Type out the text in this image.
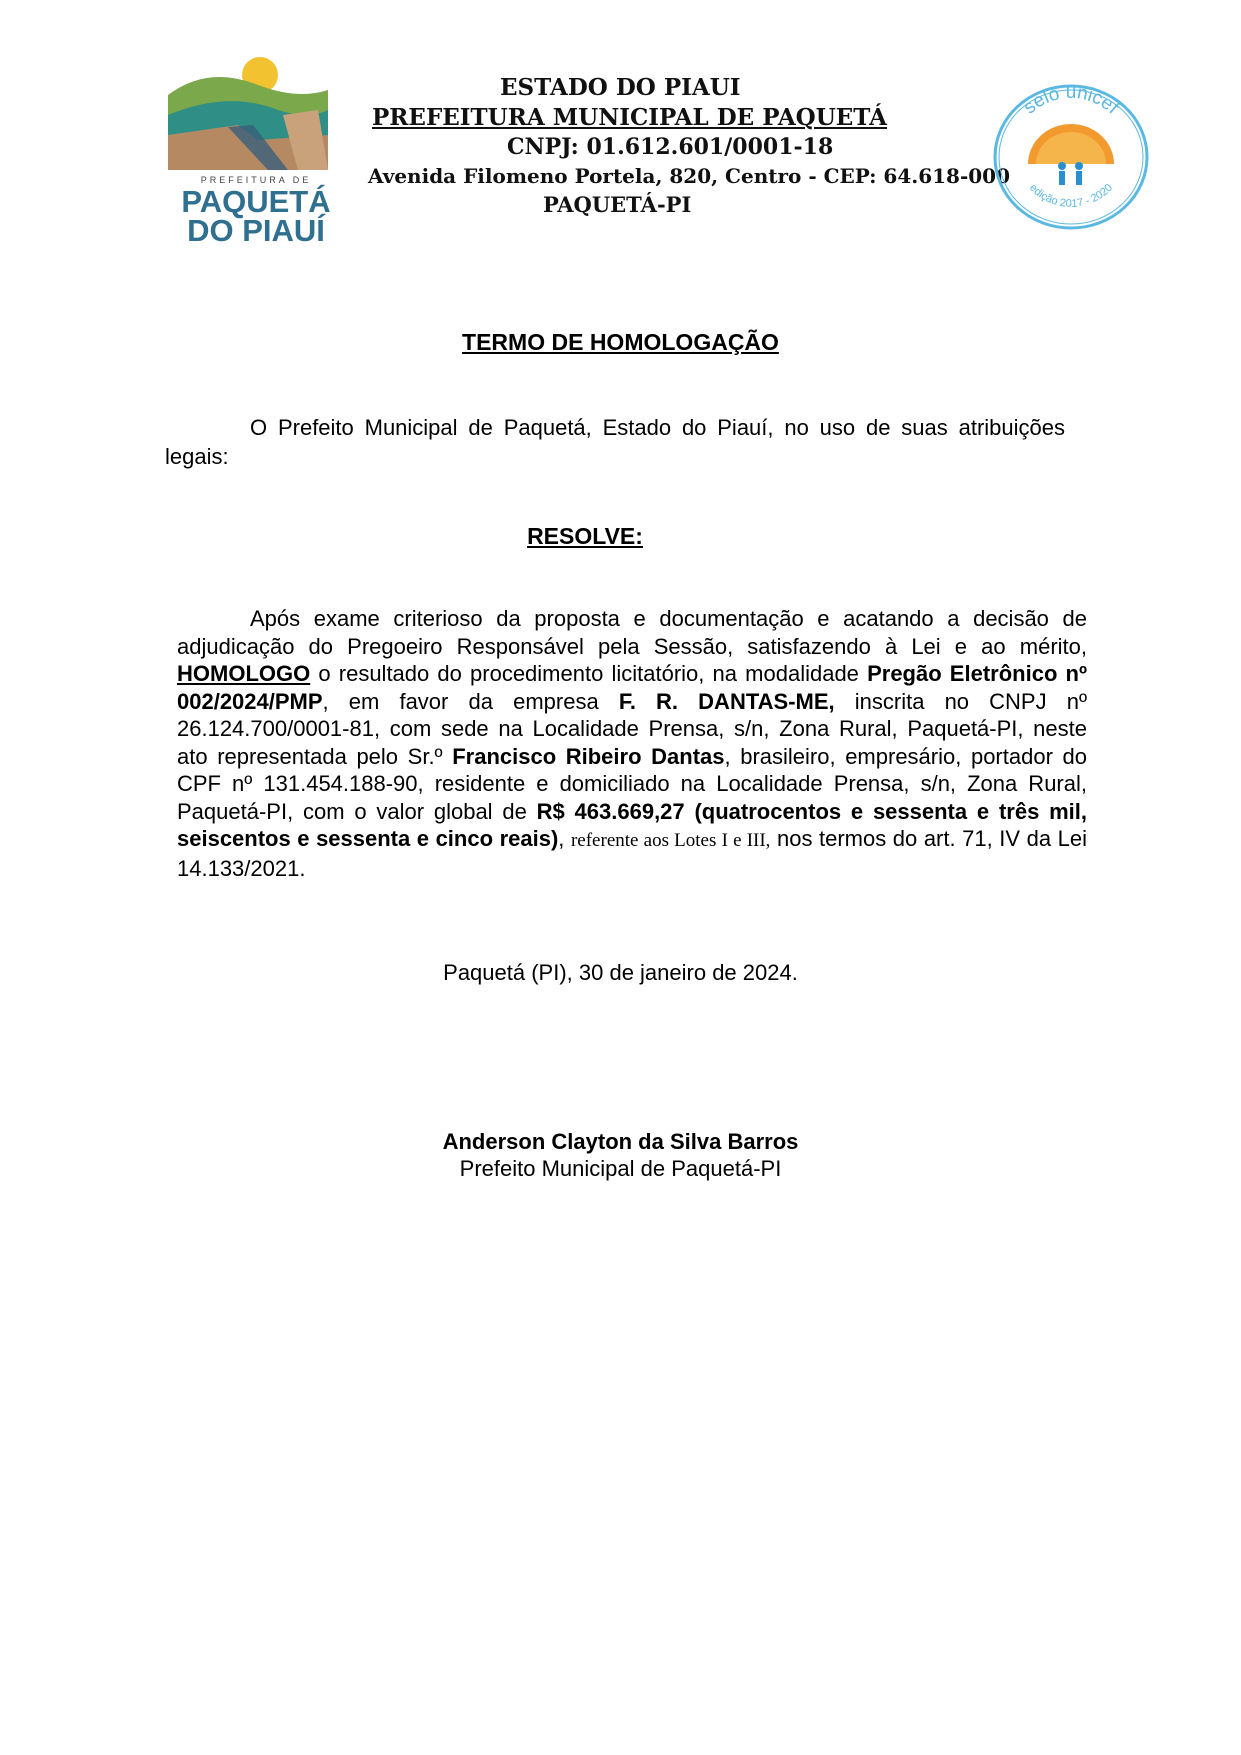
PREFEITURA DE
PAQUETÁ
DO PIAUÍ
ESTADO DO PIAUI
PREFEITURA MUNICIPAL DE PAQUETÁ
CNPJ: 01.612.601/0001-18
Avenida Filomeno Portela, 820, Centro - CEP: 64.618-000
PAQUETÁ-PI
selo unicef
edição 2017 - 2020
TERMO DE HOMOLOGAÇÃO
O Prefeito Municipal de Paquetá, Estado do Piauí, no uso de suas atribuições legais:
RESOLVE:
Após exame criterioso da proposta e documentação e acatando a decisão de adjudicação do Pregoeiro Responsável pela Sessão, satisfazendo à Lei e ao mérito, HOMOLOGO o resultado do procedimento licitatório, na modalidade Pregão Eletrônico nº 002/2024/PMP, em favor da empresa F. R. DANTAS-ME, inscrita no CNPJ nº 26.124.700/0001-81, com sede na Localidade Prensa, s/n, Zona Rural, Paquetá-PI, neste ato representada pelo Sr.º Francisco Ribeiro Dantas, brasileiro, empresário, portador do CPF nº 131.454.188-90, residente e domiciliado na Localidade Prensa, s/n, Zona Rural, Paquetá-PI, com o valor global de R$ 463.669,27 (quatrocentos e sessenta e três mil, seiscentos e sessenta e cinco reais), referente aos Lotes I e III, nos termos do art. 71, IV da Lei 14.133/2021.
Paquetá (PI), 30 de janeiro de 2024.
Anderson Clayton da Silva Barros
Prefeito Municipal de Paquetá-PI
